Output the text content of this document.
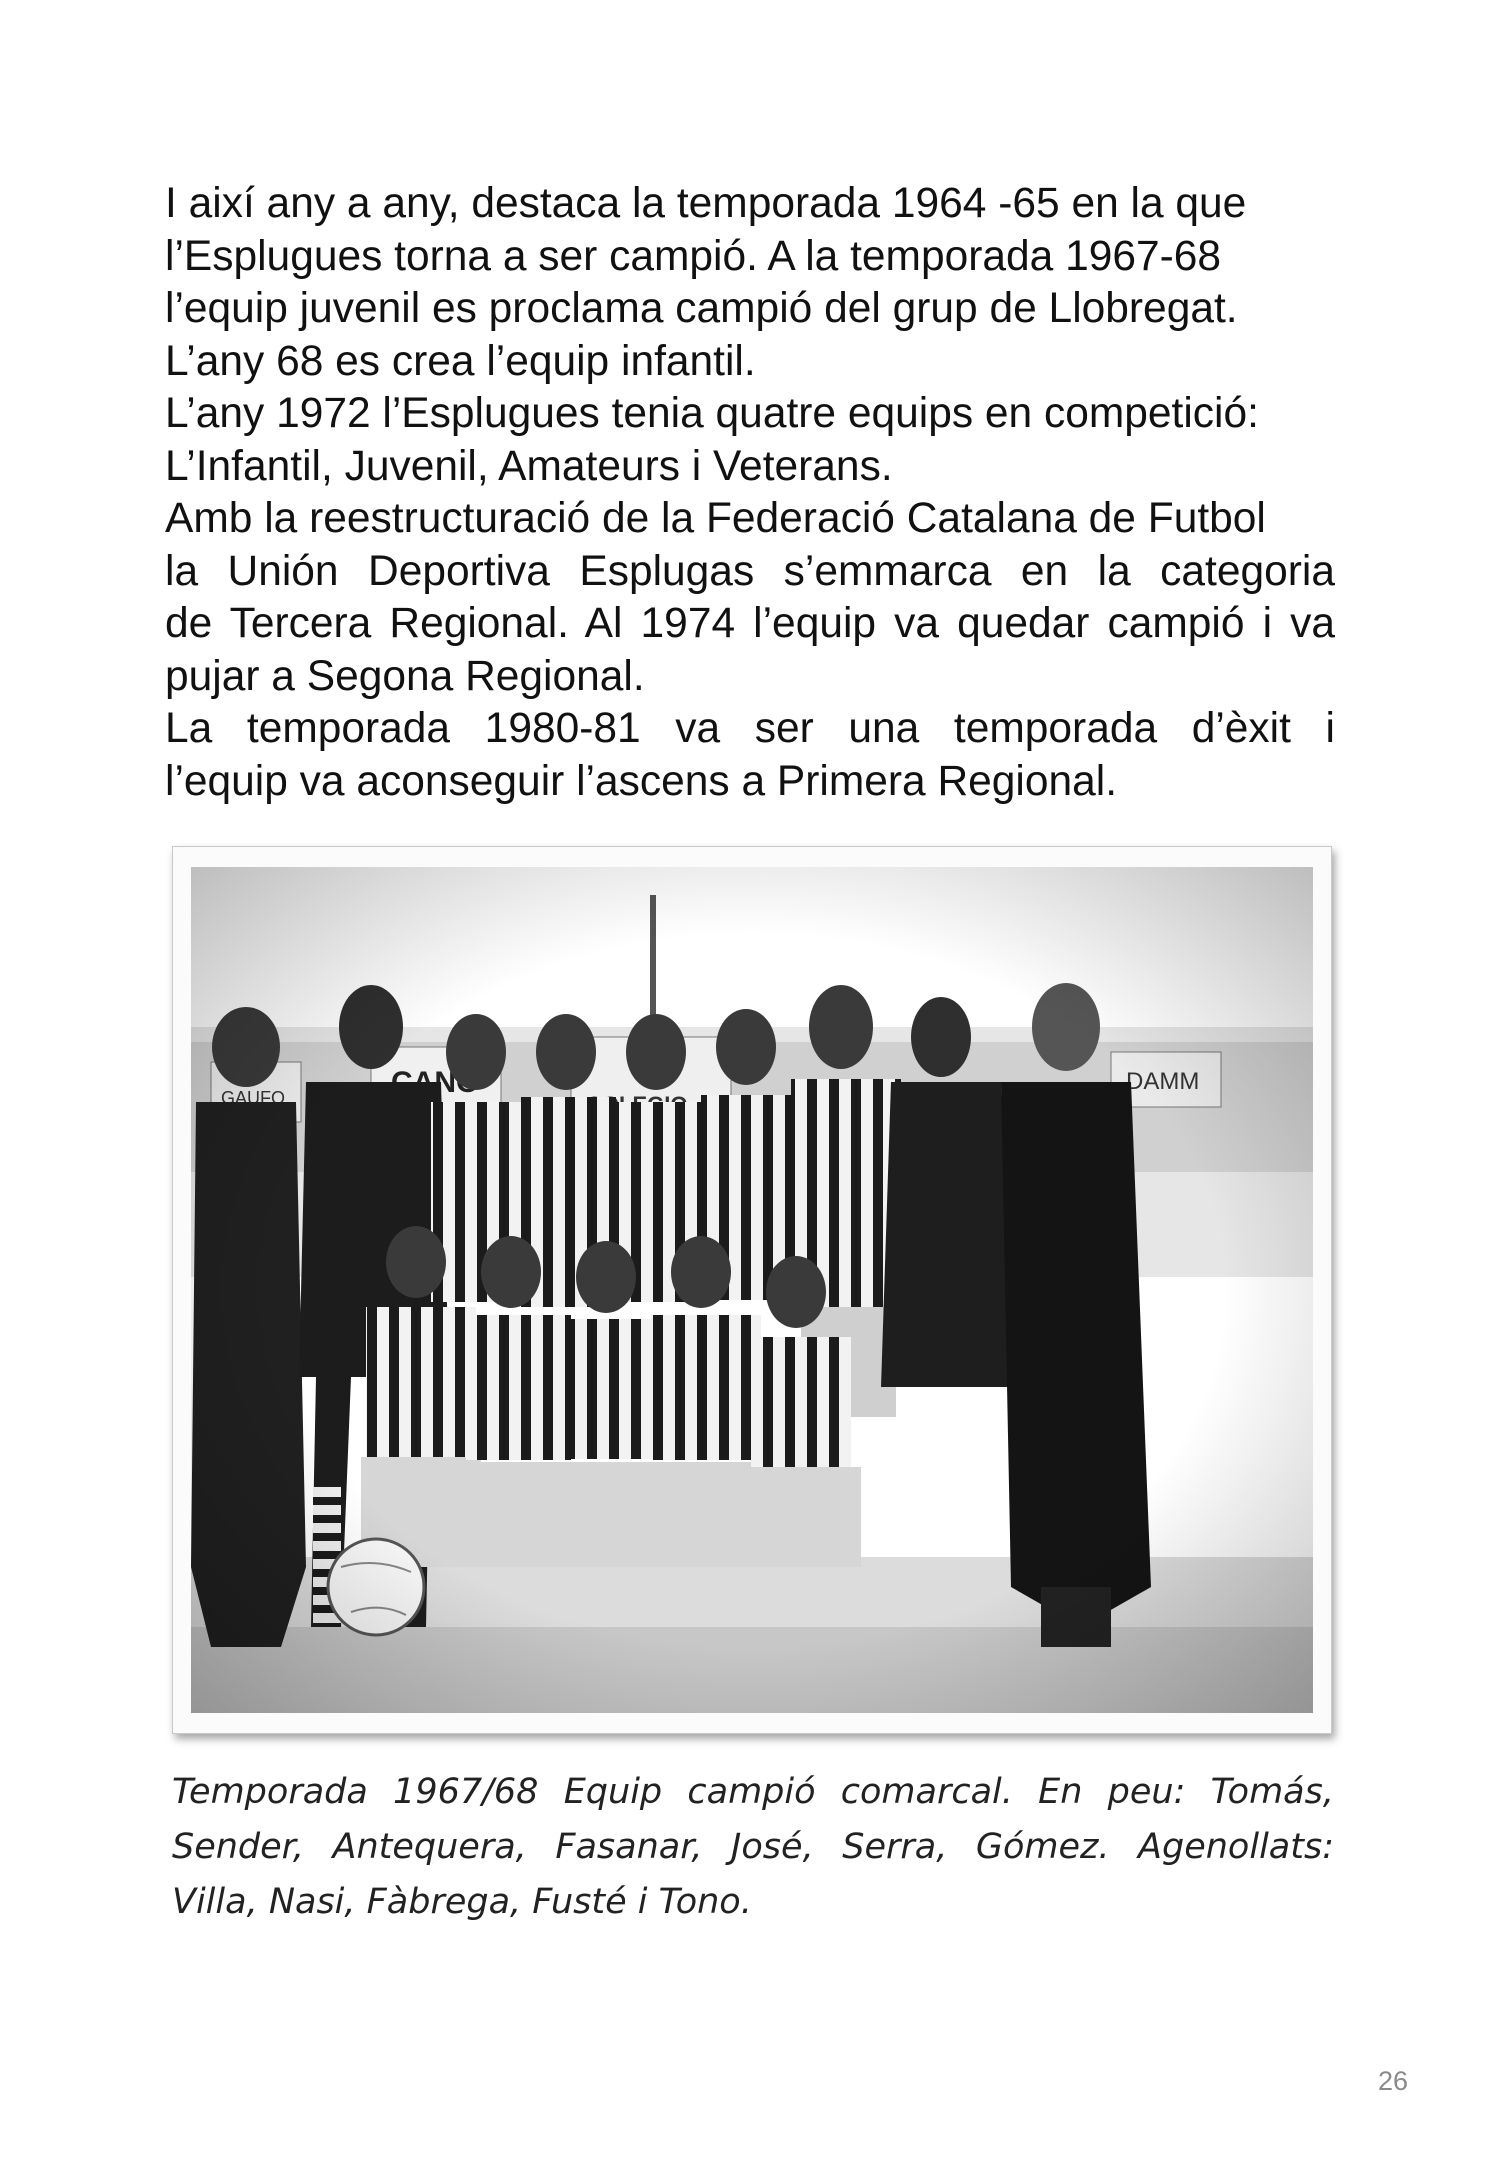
I així any a any, destaca la temporada 1964 -65 en la que

l’Esplugues torna a ser campió. A la temporada 1967-68

l’equip juvenil es proclama campió del grup de Llobregat.

L’any 68 es crea l’equip infantil.

L’any 1972 l’Esplugues tenia quatre equips en competició:

L’Infantil, Juvenil, Amateurs i Veterans.

Amb la reestructuració de la Federació Catalana de Futbol

la Unión Deportiva Esplugas s’emmarca en la categoria

de Tercera Regional. Al 1974 l’equip va quedar campió i va

pujar a Segona Regional.

La temporada 1980-81 va ser una temporada d’èxit i

l’equip va aconseguir l’ascens a Primera Regional.

Temporada 1967/68 Equip campió comarcal. En peu: Tomás,

Sender, Antequera, Fasanar, José, Serra, Gómez. Agenollats:

Villa, Nasi, Fàbrega, Fusté i Tono.

26
